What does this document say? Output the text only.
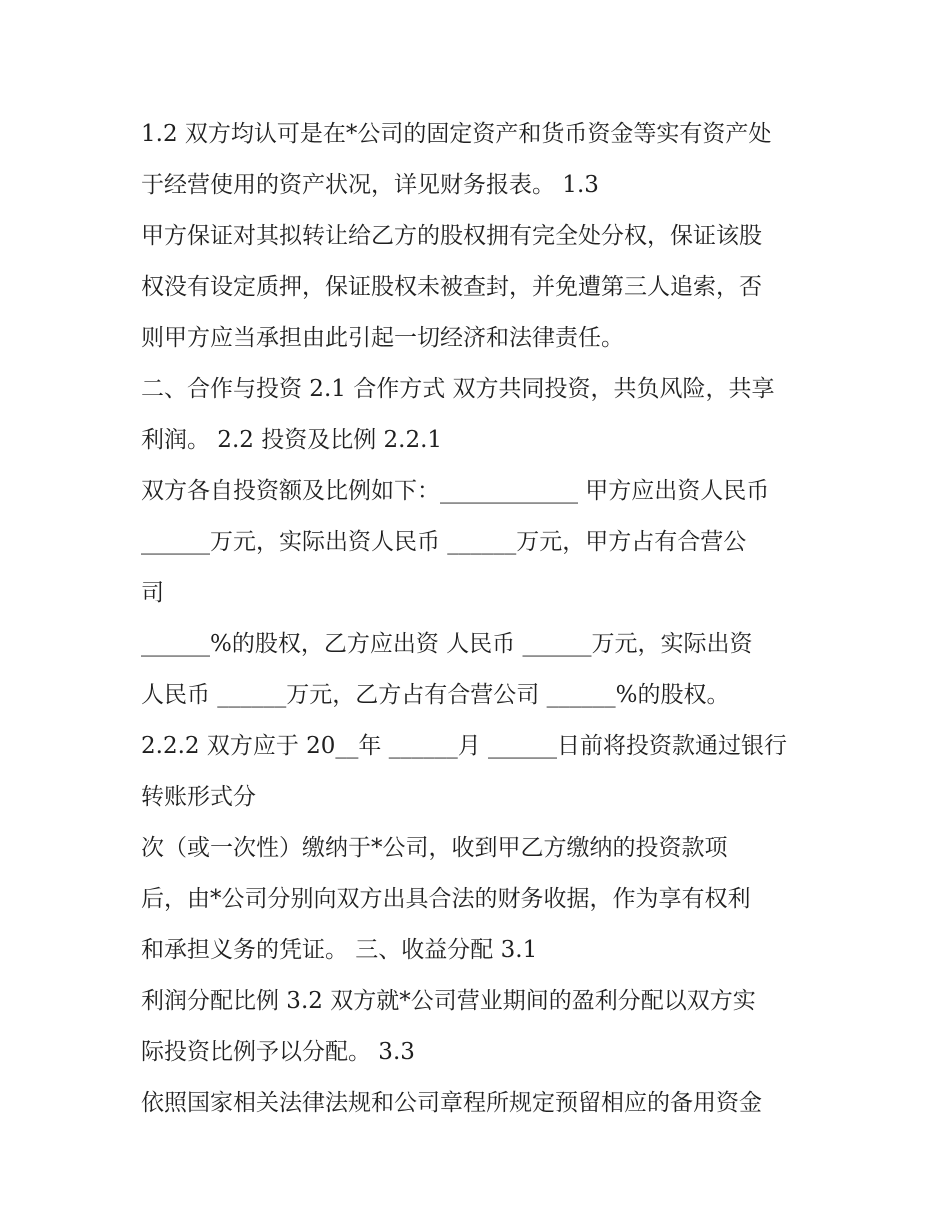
1.2 双方均认可是在*公司的固定资产和货币资金等实有资产处
于经营使用的资产状况，详见财务报表。 1.3
甲方保证对其拟转让给乙方的股权拥有完全处分权，保证该股
权没有设定质押，保证股权未被查封，并免遭第三人追索，否
则甲方应当承担由此引起一切经济和法律责任。
二、合作与投资 2.1 合作方式 双方共同投资，共负风险，共享
利润。 2.2 投资及比例 2.2.1
双方各自投资额及比例如下：____________ 甲方应出资人民币
______万元，实际出资人民币 ______万元，甲方占有合营公
司
______%的股权，乙方应出资 人民币 ______万元，实际出资
人民币 ______万元，乙方占有合营公司 ______%的股权。
2.2.2 双方应于 20__年 ______月 ______日前将投资款通过银行
转账形式分
次（或一次性）缴纳于*公司，收到甲乙方缴纳的投资款项
后，由*公司分别向双方出具合法的财务收据，作为享有权利
和承担义务的凭证。 三、收益分配 3.1
利润分配比例 3.2 双方就*公司营业期间的盈利分配以双方实
际投资比例予以分配。 3.3
依照国家相关法律法规和公司章程所规定预留相应的备用资金
